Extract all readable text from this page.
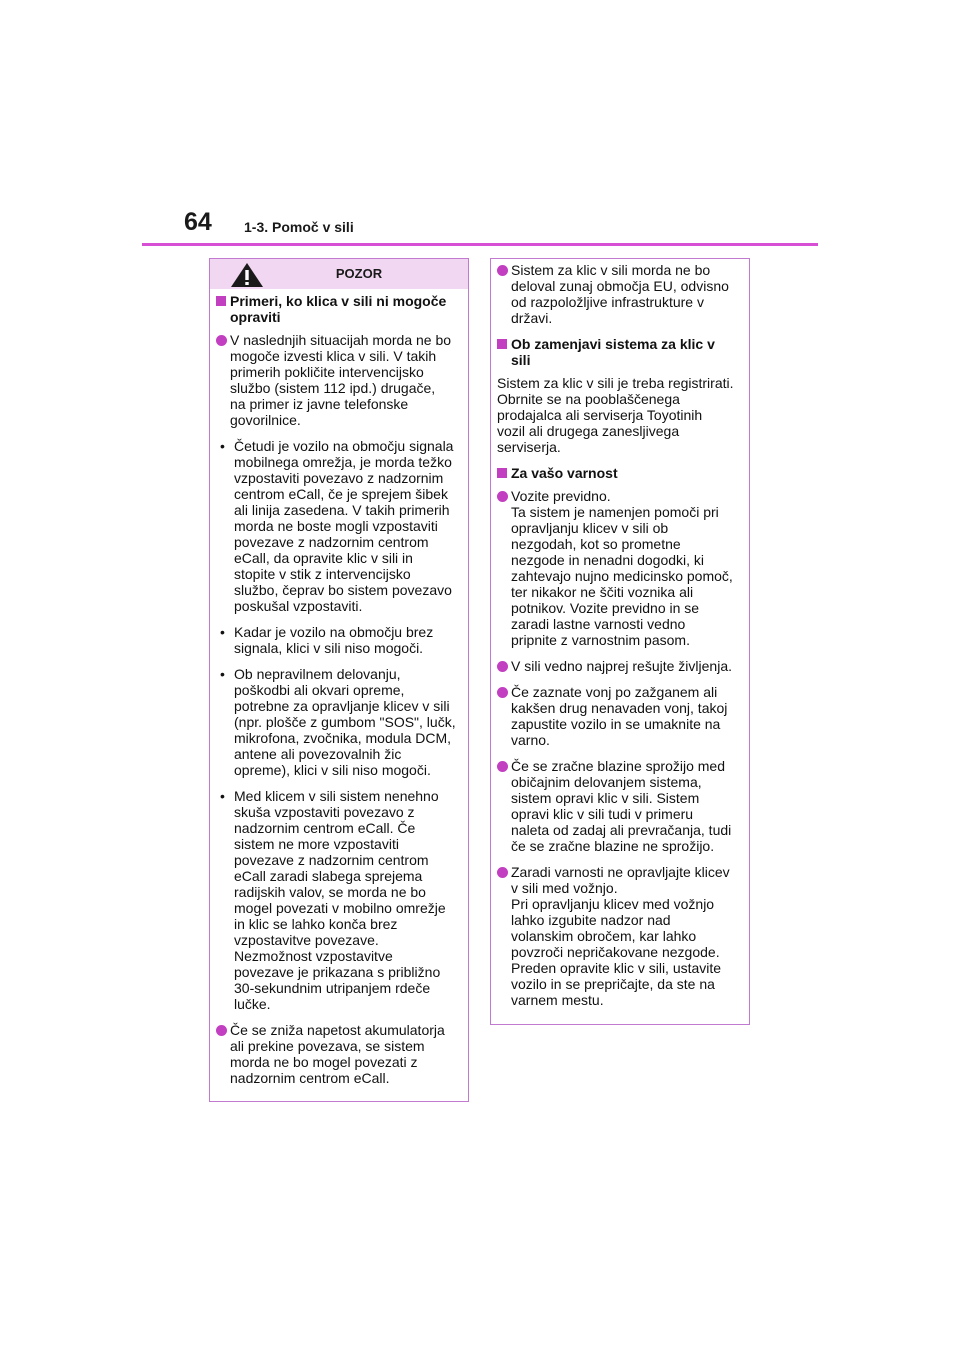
64 1-3. Pomoč v sili
POZOR
Primeri, ko klica v sili ni mogoče
opraviti
V naslednjih situacijah morda ne bo
mogoče izvesti klica v sili. V takih
primerih pokličite intervencijsko
službo (sistem 112 ipd.) drugače,
na primer iz javne telefonske
govorilnice.
• Četudi je vozilo na območju signala
mobilnega omrežja, je morda težko
vzpostaviti povezavo z nadzornim
centrom eCall, če je sprejem šibek
ali linija zasedena. V takih primerih
morda ne boste mogli vzpostaviti
povezave z nadzornim centrom
eCall, da opravite klic v sili in
stopite v stik z intervencijsko
službo, čeprav bo sistem povezavo
poskušal vzpostaviti.
• Kadar je vozilo na območju brez
signala, klici v sili niso mogoči.
• Ob nepravilnem delovanju,
poškodbi ali okvari opreme,
potrebne za opravljanje klicev v sili
(npr. plošče z gumbom "SOS", lučk,
mikrofona, zvočnika, modula DCM,
antene ali povezovalnih žic
opreme), klici v sili niso mogoči.
• Med klicem v sili sistem nenehno
skuša vzpostaviti povezavo z
nadzornim centrom eCall. Če
sistem ne more vzpostaviti
povezave z nadzornim centrom
eCall zaradi slabega sprejema
radijskih valov, se morda ne bo
mogel povezati v mobilno omrežje
in klic se lahko konča brez
vzpostavitve povezave.
Nezmožnost vzpostavitve
povezave je prikazana s približno
30-sekundnim utripanjem rdeče
lučke.
Če se zniža napetost akumulatorja
ali prekine povezava, se sistem
morda ne bo mogel povezati z
nadzornim centrom eCall.
Sistem za klic v sili morda ne bo
deloval zunaj območja EU, odvisno
od razpoložljive infrastrukture v
državi.
Ob zamenjavi sistema za klic v
sili
Sistem za klic v sili je treba registrirati.
Obrnite se na pooblaščenega
prodajalca ali serviserja Toyotinih
vozil ali drugega zanesljivega
serviserja.
Za vašo varnost
Vozite previdno.
Ta sistem je namenjen pomoči pri
opravljanju klicev v sili ob
nezgodah, kot so prometne
nezgode in nenadni dogodki, ki
zahtevajo nujno medicinsko pomoč,
ter nikakor ne ščiti voznika ali
potnikov. Vozite previdno in se
zaradi lastne varnosti vedno
pripnite z varnostnim pasom.
V sili vedno najprej rešujte življenja.
Če zaznate vonj po zažganem ali
kakšen drug nenavaden vonj, takoj
zapustite vozilo in se umaknite na
varno.
Če se zračne blazine sprožijo med
običajnim delovanjem sistema,
sistem opravi klic v sili. Sistem
opravi klic v sili tudi v primeru
naleta od zadaj ali prevračanja, tudi
če se zračne blazine ne sprožijo.
Zaradi varnosti ne opravljajte klicev
v sili med vožnjo.
Pri opravljanju klicev med vožnjo
lahko izgubite nadzor nad
volanskim obročem, kar lahko
povzroči nepričakovane nezgode.
Preden opravite klic v sili, ustavite
vozilo in se prepričajte, da ste na
varnem mestu.
